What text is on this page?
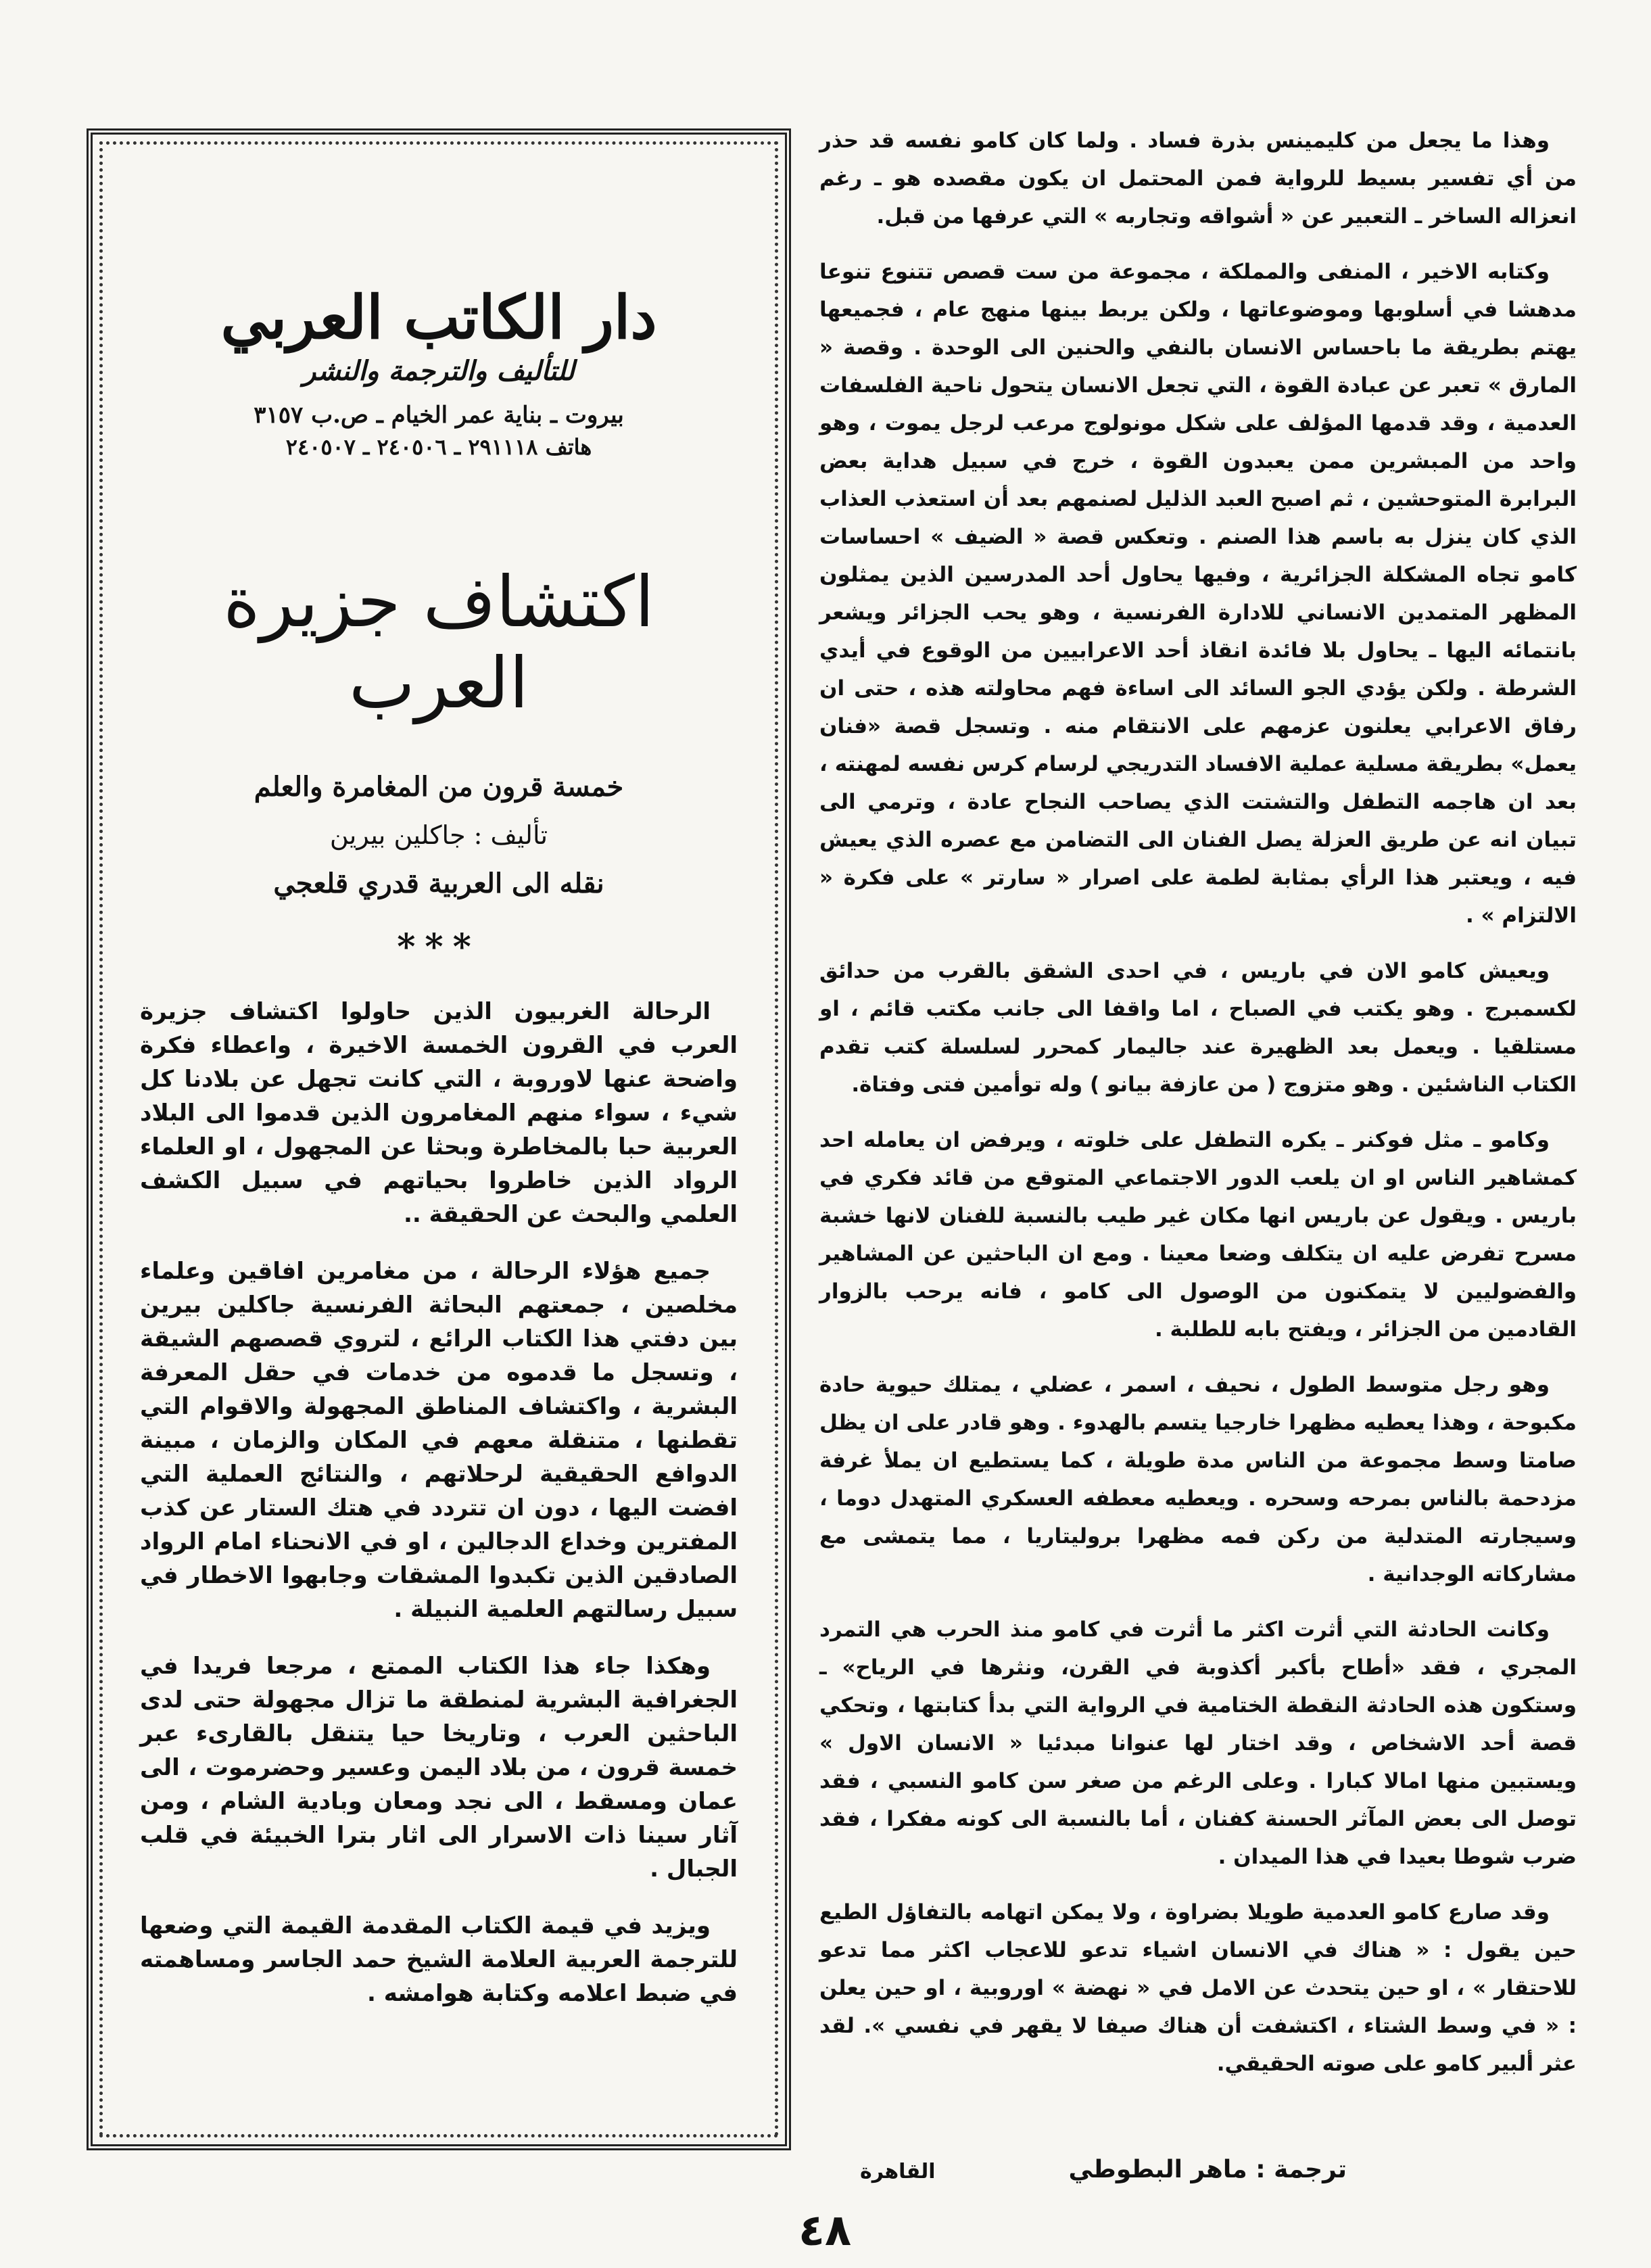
وهذا ما يجعل من كليمينس بذرة فساد . ولما كان كامو نفسه قد حذر من أي تفسير بسيط للرواية فمن المحتمل ان يكون مقصده هو ـ رغم انعزاله الساخر ـ التعبير عن « أشواقه وتجاربه » التي عرفها من قبل.

وكتابه الاخير ، المنفى والمملكة ، مجموعة من ست قصص تتنوع تنوعا مدهشا في أسلوبها وموضوعاتها ، ولكن يربط بينها منهج عام ، فجميعها يهتم بطريقة ما باحساس الانسان بالنفي والحنين الى الوحدة . وقصة « المارق » تعبر عن عبادة القوة ، التي تجعل الانسان يتحول ناحية الفلسفات العدمية ، وقد قدمها المؤلف على شكل مونولوج مرعب لرجل يموت ، وهو واحد من المبشرين ممن يعبدون القوة ، خرج في سبيل هداية بعض البرابرة المتوحشين ، ثم اصبح العبد الذليل لصنمهم بعد أن استعذب العذاب الذي كان ينزل به باسم هذا الصنم . وتعكس قصة « الضيف » احساسات كامو تجاه المشكلة الجزائرية ، وفيها يحاول أحد المدرسين الذين يمثلون المظهر المتمدين الانساني للادارة الفرنسية ، وهو يحب الجزائر ويشعر بانتمائه اليها ـ يحاول بلا فائدة انقاذ أحد الاعرابيين من الوقوع في أيدي الشرطة . ولكن يؤدي الجو السائد الى اساءة فهم محاولته هذه ، حتى ان رفاق الاعرابي يعلنون عزمهم على الانتقام منه . وتسجل قصة «فنان يعمل» بطريقة مسلية عملية الافساد التدريجي لرسام كرس نفسه لمهنته ، بعد ان هاجمه التطفل والتشتت الذي يصاحب النجاح عادة ، وترمي الى تبيان انه عن طريق العزلة يصل الفنان الى التضامن مع عصره الذي يعيش فيه ، ويعتبر هذا الرأي بمثابة لطمة على اصرار « سارتر » على فكرة « الالتزام » .

ويعيش كامو الان في باريس ، في احدى الشقق بالقرب من حدائق لكسمبرج . وهو يكتب في الصباح ، اما واقفا الى جانب مكتب قائم ، او مستلقيا . ويعمل بعد الظهيرة عند جاليمار كمحرر لسلسلة كتب تقدم الكتاب الناشئين . وهو متزوج ( من عازفة بيانو ) وله توأمين فتى وفتاة.

وكامو ـ مثل فوكنر ـ يكره التطفل على خلوته ، ويرفض ان يعامله احد كمشاهير الناس او ان يلعب الدور الاجتماعي المتوقع من قائد فكري في باريس . ويقول عن باريس انها مكان غير طيب بالنسبة للفنان لانها خشبة مسرح تفرض عليه ان يتكلف وضعا معينا . ومع ان الباحثين عن المشاهير والفضوليين لا يتمكنون من الوصول الى كامو ، فانه يرحب بالزوار القادمين من الجزائر ، ويفتح بابه للطلبة .

وهو رجل متوسط الطول ، نحيف ، اسمر ، عضلي ، يمتلك حيوية حادة مكبوحة ، وهذا يعطيه مظهرا خارجيا يتسم بالهدوء . وهو قادر على ان يظل صامتا وسط مجموعة من الناس مدة طويلة ، كما يستطيع ان يملأ غرفة مزدحمة بالناس بمرحه وسحره . ويعطيه معطفه العسكري المتهدل دوما ، وسيجارته المتدلية من ركن فمه مظهرا بروليتاريا ، مما يتمشى مع مشاركاته الوجدانية .

وكانت الحادثة التي أثرت اكثر ما أثرت في كامو منذ الحرب هي التمرد المجري ، فقد «أطاح بأكبر أكذوبة في القرن، ونثرها في الرياح» ـ وستكون هذه الحادثة النقطة الختامية في الرواية التي بدأ كتابتها ، وتحكي قصة أحد الاشخاص ، وقد اختار لها عنوانا مبدئيا « الانسان الاول » ويستبين منها امالا كبارا . وعلى الرغم من صغر سن كامو النسبي ، فقد توصل الى بعض المآثر الحسنة كفنان ، أما بالنسبة الى كونه مفكرا ، فقد ضرب شوطا بعيدا في هذا الميدان .

وقد صارع كامو العدمية طويلا بضراوة ، ولا يمكن اتهامه بالتفاؤل الطيع حين يقول : « هناك في الانسان اشياء تدعو للاعجاب اكثر مما تدعو للاحتقار » ، او حين يتحدث عن الامل في « نهضة » اوروبية ، او حين يعلن : « في وسط الشتاء ، اكتشفت أن هناك صيفا لا يقهر في نفسي ». لقد عثر ألبير كامو على صوته الحقيقي.

ترجمة : ماهر البطوطي
القاهرة
دار الكاتب العربي
للتأليف والترجمة والنشر
بيروت ـ بناية عمر الخيام ـ ص.ب ٣١٥٧
هاتف ٢٩١١١٨ ـ ٢٤٠٥٠٦ ـ ٢٤٠٥٠٧
اكتشاف جزيرة العرب
خمسة قرون من المغامرة والعلم
تأليف : جاكلين بيرين
نقله الى العربية قدري قلعجي
***

الرحالة الغربيون الذين حاولوا اكتشاف جزيرة العرب في القرون الخمسة الاخيرة ، واعطاء فكرة واضحة عنها لاوروبة ، التي كانت تجهل عن بلادنا كل شيء ، سواء منهم المغامرون الذين قدموا الى البلاد العربية حبا بالمخاطرة وبحثا عن المجهول ، او العلماء الرواد الذين خاطروا بحياتهم في سبيل الكشف العلمي والبحث عن الحقيقة ..

جميع هؤلاء الرحالة ، من مغامرين افاقين وعلماء مخلصين ، جمعتهم البحاثة الفرنسية جاكلين بيرين بين دفتي هذا الكتاب الرائع ، لتروي قصصهم الشيقة ، وتسجل ما قدموه من خدمات في حقل المعرفة البشرية ، واكتشاف المناطق المجهولة والاقوام التي تقطنها ، متنقلة معهم في المكان والزمان ، مبينة الدوافع الحقيقية لرحلاتهم ، والنتائج العملية التي افضت اليها ، دون ان تتردد في هتك الستار عن كذب المفترين وخداع الدجالين ، او في الانحناء امام الرواد الصادقين الذين تكبدوا المشقات وجابهوا الاخطار في سبيل رسالتهم العلمية النبيلة .

وهكذا جاء هذا الكتاب الممتع ، مرجعا فريدا في الجغرافية البشرية لمنطقة ما تزال مجهولة حتى لدى الباحثين العرب ، وتاريخا حيا يتنقل بالقارىء عبر خمسة قرون ، من بلاد اليمن وعسير وحضرموت ، الى عمان ومسقط ، الى نجد ومعان وبادية الشام ، ومن آثار سينا ذات الاسرار الى اثار بترا الخبيئة في قلب الجبال .

ويزيد في قيمة الكتاب المقدمة القيمة التي وضعها للترجمة العربية العلامة الشيخ حمد الجاسر ومساهمته في ضبط اعلامه وكتابة هوامشه .

٤٨
